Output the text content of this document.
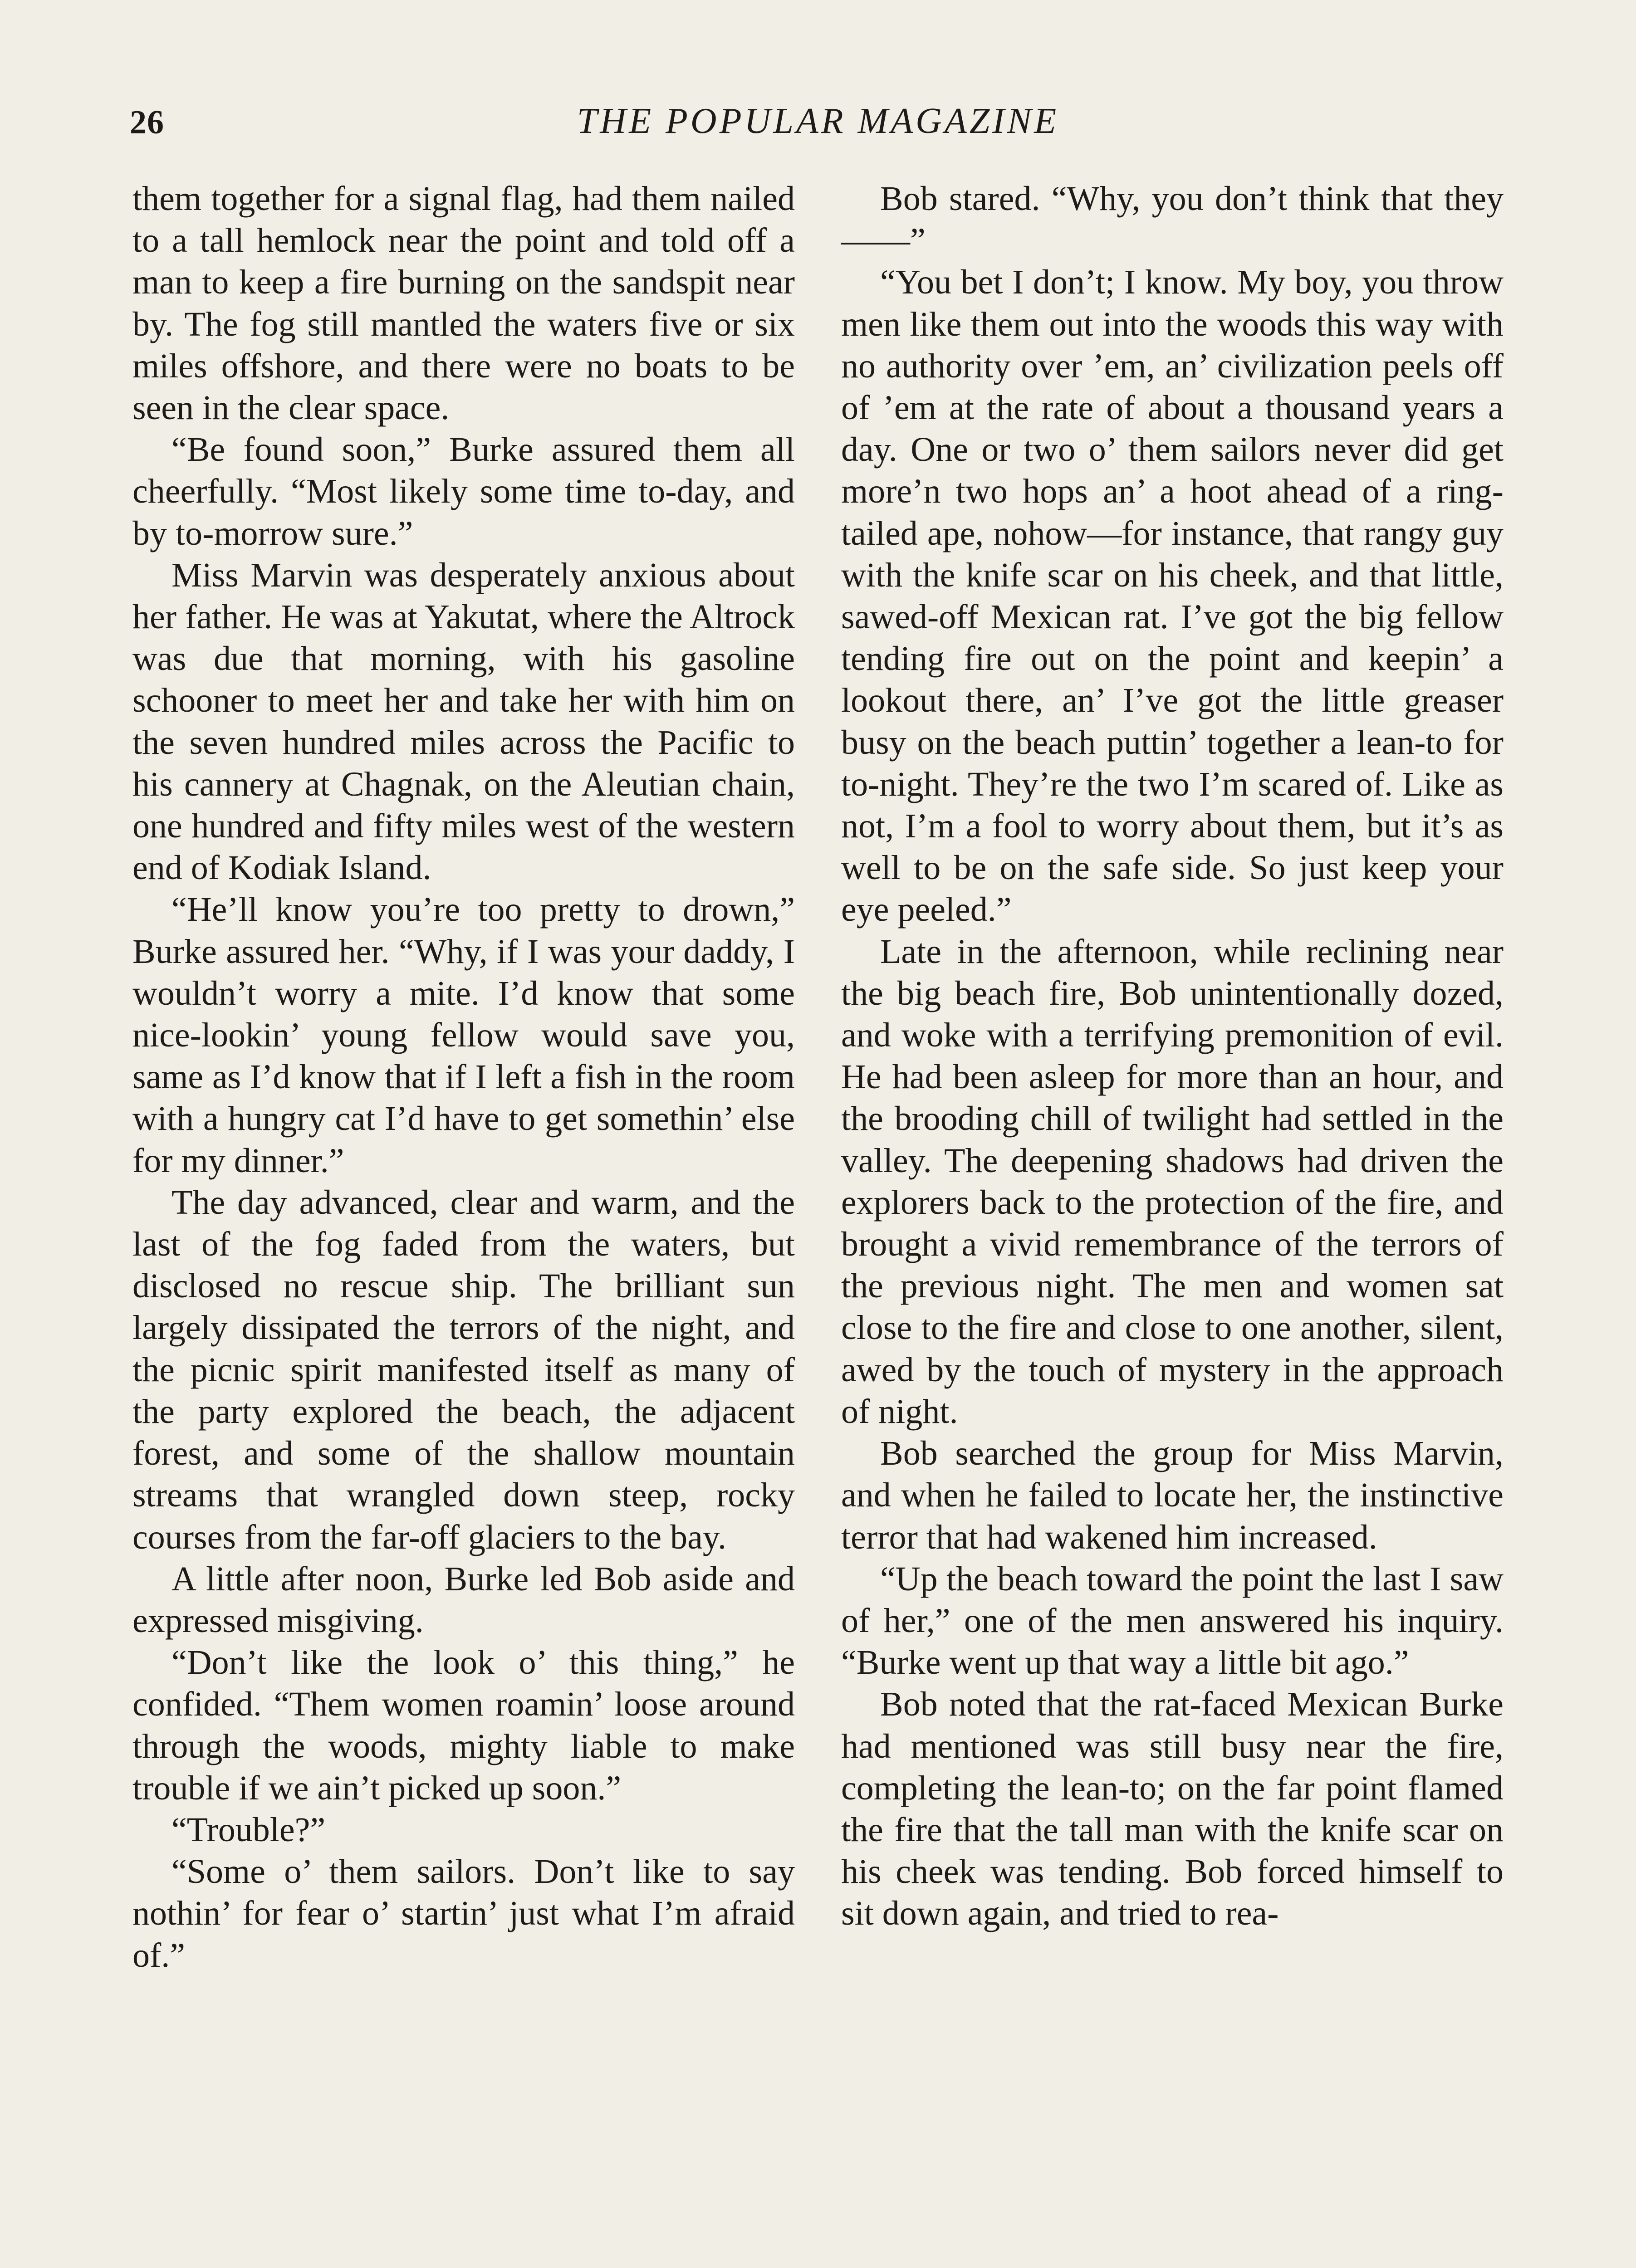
26	THE POPULAR MAGAZINE

them together for a signal flag, had them nailed to a tall hemlock near the point and told off a man to keep a fire burning on the sandspit near by. The fog still mantled the waters five or six miles offshore, and there were no boats to be seen in the clear space.

“Be found soon,” Burke assured them all cheerfully. “Most likely some time to-day, and by to-morrow sure.”

Miss Marvin was desperately anxious about her father. He was at Yakutat, where the Altrock was due that morning, with his gasoline schooner to meet her and take her with him on the seven hundred miles across the Pacific to his cannery at Chagnak, on the Aleutian chain, one hundred and fifty miles west of the western end of Kodiak Island.

“He’ll know you’re too pretty to drown,” Burke assured her. “Why, if I was your daddy, I wouldn’t worry a mite. I’d know that some nice-lookin’ young fellow would save you, same as I’d know that if I left a fish in the room with a hungry cat I’d have to get somethin’ else for my dinner.”

The day advanced, clear and warm, and the last of the fog faded from the waters, but disclosed no rescue ship. The brilliant sun largely dissipated the terrors of the night, and the picnic spirit manifested itself as many of the party explored the beach, the adjacent forest, and some of the shallow mountain streams that wrangled down steep, rocky courses from the far-off glaciers to the bay.

A little after noon, Burke led Bob aside and expressed misgiving.

“Don’t like the look o’ this thing,” he confided. “Them women roamin’ loose around through the woods, mighty liable to make trouble if we ain’t picked up soon.”

“Trouble?”

“Some o’ them sailors. Don’t like to say nothin’ for fear o’ startin’ just what I’m afraid of.”

Bob stared. “Why, you don’t think that they——”

“You bet I don’t; I know. My boy, you throw men like them out into the woods this way with no authority over ’em, an’ civilization peels off of ’em at the rate of about a thousand years a day. One or two o’ them sailors never did get more’n two hops an’ a hoot ahead of a ring-tailed ape, nohow—for instance, that rangy guy with the knife scar on his cheek, and that little, sawed-off Mexican rat. I’ve got the big fellow tending fire out on the point and keepin’ a lookout there, an’ I’ve got the little greaser busy on the beach puttin’ together a lean-to for to-night. They’re the two I’m scared of. Like as not, I’m a fool to worry about them, but it’s as well to be on the safe side. So just keep your eye peeled.”

Late in the afternoon, while reclining near the big beach fire, Bob unintentionally dozed, and woke with a terrifying premonition of evil. He had been asleep for more than an hour, and the brooding chill of twilight had settled in the valley. The deepening shadows had driven the explorers back to the protection of the fire, and brought a vivid remembrance of the terrors of the previous night. The men and women sat close to the fire and close to one another, silent, awed by the touch of mystery in the approach of night.

Bob searched the group for Miss Marvin, and when he failed to locate her, the instinctive terror that had wakened him increased.

“Up the beach toward the point the last I saw of her,” one of the men answered his inquiry. “Burke went up that way a little bit ago.”

Bob noted that the rat-faced Mexican Burke had mentioned was still busy near the fire, completing the lean-to; on the far point flamed the fire that the tall man with the knife scar on his cheek was tending. Bob forced himself to sit down again, and tried to rea-
